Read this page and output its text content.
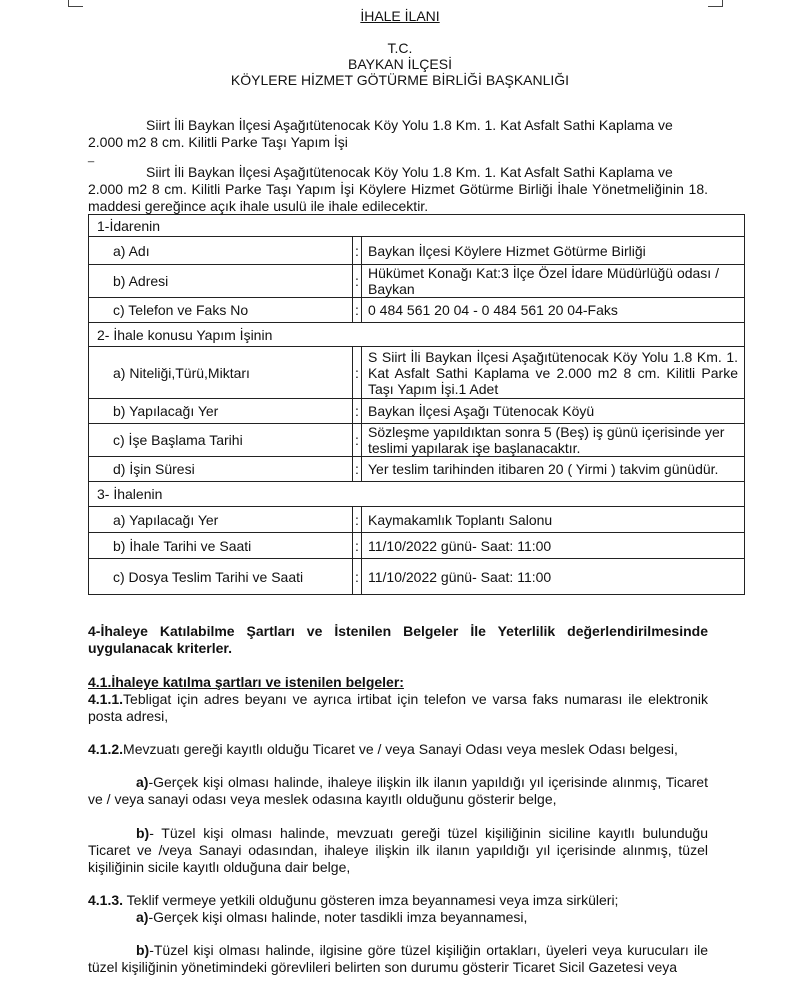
İHALE İLANI
T.C.
BAYKAN İLÇESİ
KÖYLERE HİZMET GÖTÜRME BİRLİĞİ BAŞKANLIĞI
Siirt İli Baykan İlçesi Aşağıtütenocak Köy Yolu 1.8 Km. 1. Kat Asfalt Sathi Kaplama ve
2.000 m2 8 cm. Kilitli Parke Taşı Yapım İşi
_
Siirt İli Baykan İlçesi Aşağıtütenocak Köy Yolu 1.8 Km. 1. Kat Asfalt Sathi Kaplama ve
2.000 m2 8 cm. Kilitli Parke Taşı Yapım İşi Köylere Hizmet Götürme Birliği İhale Yönetmeliğinin 18. maddesi gereğince açık ihale usulü ile ihale edilecektir.
1-İdarenin		
a) Adı	:	Baykan İlçesi Köylere Hizmet Götürme Birliği
b) Adresi	:	Hükümet Konağı Kat:3 İlçe Özel İdare Müdürlüğü odası / Baykan
c) Telefon ve Faks No	:	0 484 561 20 04 - 0 484 561 20 04-Faks
2- İhale konusu Yapım İşinin		
a) Niteliği,Türü,Miktarı	:	S Siirt İli Baykan İlçesi Aşağıtütenocak Köy Yolu 1.8 Km. 1. Kat Asfalt Sathi Kaplama ve 2.000 m2 8 cm. Kilitli Parke Taşı Yapım İşi.1 Adet
b) Yapılacağı Yer	:	Baykan İlçesi Aşağı Tütenocak Köyü
c) İşe Başlama Tarihi	:	Sözleşme yapıldıktan sonra 5 (Beş) iş günü içerisinde yer teslimi yapılarak işe başlanacaktır.
d) İşin Süresi	:	Yer teslim tarihinden itibaren 20 ( Yirmi ) takvim günüdür.
3- İhalenin		
a) Yapılacağı Yer	:	Kaymakamlık Toplantı Salonu
b) İhale Tarihi ve Saati	:	11/10/2022 günü- Saat: 11:00
c) Dosya Teslim Tarihi ve Saati	:	11/10/2022 günü- Saat: 11:00
4-İhaleye Katılabilme Şartları ve İstenilen Belgeler İle Yeterlilik değerlendirilmesinde uygulanacak kriterler.
4.1.İhaleye katılma şartları ve istenilen belgeler:
4.1.1.Tebligat için adres beyanı ve ayrıca irtibat için telefon ve varsa faks numarası ile elektronik posta adresi,
4.1.2.Mevzuatı gereği kayıtlı olduğu Ticaret ve / veya Sanayi Odası veya meslek Odası belgesi,
a)-Gerçek kişi olması halinde, ihaleye ilişkin ilk ilanın yapıldığı yıl içerisinde alınmış, Ticaret ve / veya sanayi odası veya meslek odasına kayıtlı olduğunu gösterir belge,
b)- Tüzel kişi olması halinde, mevzuatı gereği tüzel kişiliğinin siciline kayıtlı bulunduğu Ticaret ve /veya Sanayi odasından, ihaleye ilişkin ilk ilanın yapıldığı yıl içerisinde alınmış, tüzel kişiliğinin sicile kayıtlı olduğuna dair belge,
4.1.3. Teklif vermeye yetkili olduğunu gösteren imza beyannamesi veya imza sirküleri;
a)-Gerçek kişi olması halinde, noter tasdikli imza beyannamesi,
b)-Tüzel kişi olması halinde, ilgisine göre tüzel kişiliğin ortakları, üyeleri veya kurucuları ile tüzel kişiliğinin yönetimindeki görevlileri belirten son durumu gösterir Ticaret Sicil Gazetesi veya
